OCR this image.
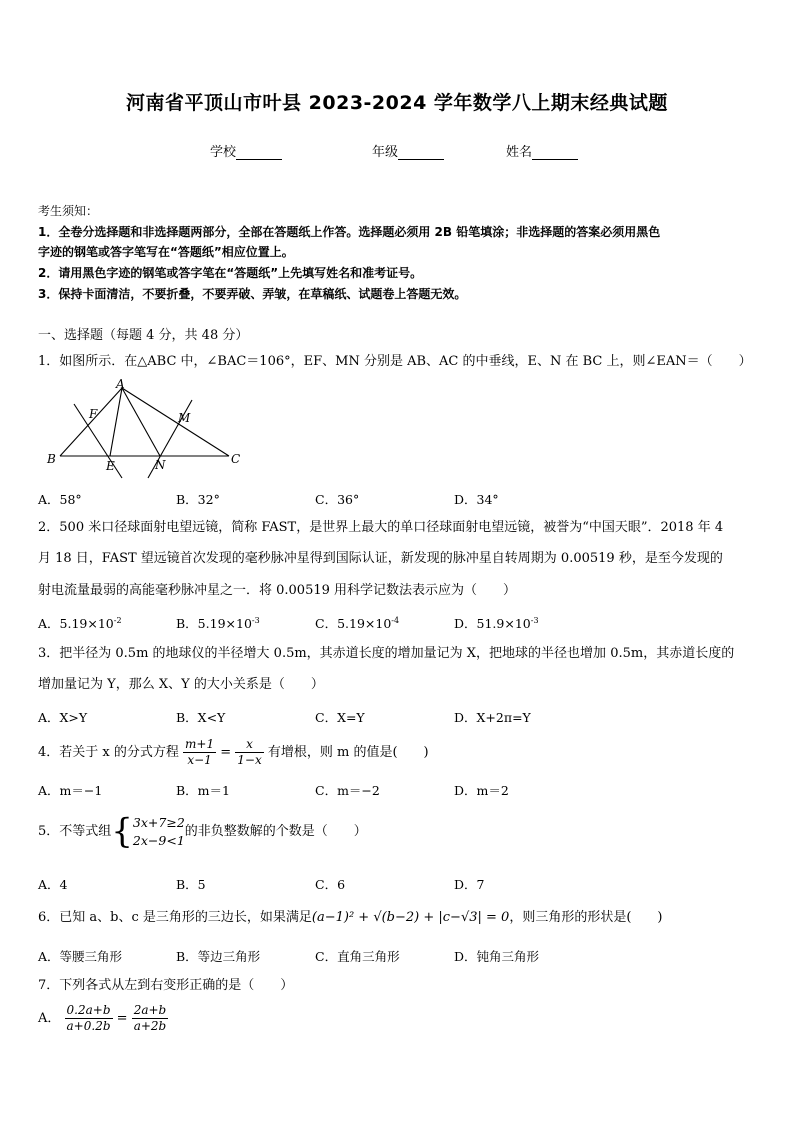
河南省平顶山市叶县 2023-2024 学年数学八上期末经典试题
学校	年级	姓名
考生须知：
1．全卷分选择题和非选择题两部分，全部在答题纸上作答。选择题必须用 2B 铅笔填涂；非选择题的答案必须用黑色
字迹的钢笔或答字笔写在“答题纸”相应位置上。
2．请用黑色字迹的钢笔或答字笔在“答题纸”上先填写姓名和准考证号。
3．保持卡面清洁，不要折叠，不要弄破、弄皱，在草稿纸、试题卷上答题无效。
一、选择题（每题 4 分，共 48 分）
1．如图所示．在△ABC 中，∠BAC＝106°，EF、MN 分别是 AB、AC 的中垂线，E、N 在 BC 上，则∠EAN＝（　　）
A
F	M
B	E	N	C
A．58°	B．32°	C．36°	D．34°
2．500 米口径球面射电望远镜，简称 FAST，是世界上最大的单口径球面射电望远镜，被誉为“中国天眼”．2018 年 4
月 18 日，FAST 望远镜首次发现的毫秒脉冲星得到国际认证，新发现的脉冲星自转周期为 0.00519 秒，是至今发现的
射电流量最弱的高能毫秒脉冲星之一．将 0.00519 用科学记数法表示应为（　　）
A．$5.19\times 10^{-2}$	B．$5.19\times 10^{-3}$	C．$5.19\times 10^{-4}$	D．$51.9\times 10^{-3}$
3．把半径为 0.5m 的地球仪的半径增大 0.5m，其赤道长度的增加量记为 X，把地球的半径也增加 0.5m，其赤道长度的
增加量记为 Y，那么 X、Y 的大小关系是（　　）
A．X>Y	B．X<Y	C．X=Y	D．X+2π=Y
4．若关于 x 的分式方程 $\frac{m+1}{x-1} = \frac{x}{1-x}$ 有增根，则 m 的值是(　　)
A．m＝−1	B．m＝1	C．m＝−2	D．m＝2
5．不等式组{ 3x+7≥2
2x−9<1
的非负整数解的个数是（　　）
A．4	B．5	C．6	D．7
6．已知 a、b、c 是三角形的三边长，如果满足(a−1)² + √(b−2) + |c−√3| = 0，则三角形的形状是(　　)
A．等腰三角形	B．等边三角形	C．直角三角形	D．钝角三角形
7．下列各式从左到右变形正确的是（　　）
A． $\frac{0.2a+b}{a+0.2b} = \frac{2a+b}{a+2b}$
